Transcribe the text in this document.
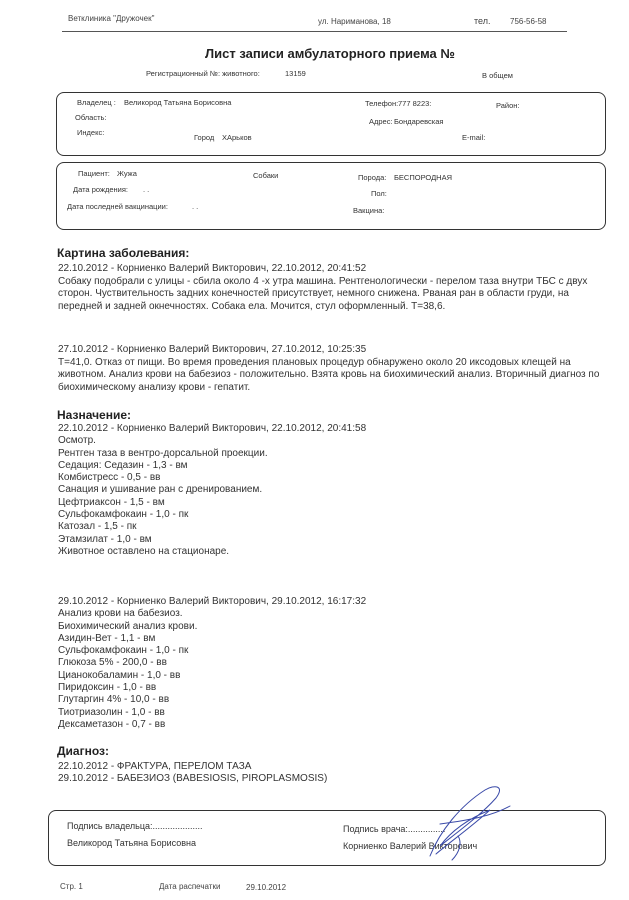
Ветклиника "Дружочек"	ул. Нариманова, 18	тел. 756-56-58
Лист записи амбулаторного приема №
Регистрационный №: животного:	13159	В общем
Владелец : Великород Татьяна Борисовна	Телефон: 777 8223:	Район:
Область:	Адрес: Бондаревская
Индекс:
Город ХАрьков	E-mail:
Пациент: Жужа	Собаки	Порода: БЕСПОРОДНАЯ
Дата рождения: . .	Пол:
Дата последней вакцинации:	. .	Вакцина:
Картина заболевания:
22.10.2012 - Корниенко Валерий Викторович, 22.10.2012, 20:41:52
Собаку подобрали с улицы - сбила около 4 -х утра машина. Рентгенологически - перелом таза внутри ТБС с двух сторон. Чуствительность задних конечностей присутствует, немного снижена. Рваная ран в области груди, на передней и задней окнечностях. Собака ела. Мочится, стул оформленный. Т=38,6.
27.10.2012 - Корниенко Валерий Викторович, 27.10.2012, 10:25:35
Т=41,0. Отказ от пищи. Во время проведения плановых процедур обнаружено около 20 иксодовых клещей на животном. Анализ крови на бабезиоз - положительно. Взята кровь на биохимический анализ. Вторичный диагноз по биохимическому анализу крови - гепатит.
Назначение:
22.10.2012 - Корниенко Валерий Викторович, 22.10.2012, 20:41:58
Осмотр.
Рентген таза в вентро-дорсальной проекции.
Седация: Седазин - 1,3 - вм
Комбистресс - 0,5 - вв
Санация и ушивание ран с дренированием.
Цефтриаксон - 1,5 - вм
Сульфокамфокаин - 1,0 - пк
Катозал - 1,5 - пк
Этамзилат - 1,0 - вм
Животное оставлено на стационаре.
29.10.2012 - Корниенко Валерий Викторович, 29.10.2012, 16:17:32
Анализ крови на бабезиоз.
Биохимический анализ крови.
Азидин-Вет - 1,1 - вм
Сульфокамфокаин - 1,0 - пк
Глюкоза 5% - 200,0 - вв
Цианокобаламин - 1,0 - вв
Пиридоксин - 1,0 - вв
Глутаргин 4% - 10,0 - вв
Тиотриазолин - 1,0 - вв
Дексаметазон - 0,7 - вв
Диагноз:
22.10.2012 - ФРАКТУРА, ПЕРЕЛОМ ТАЗА
29.10.2012 - БАБЕЗИОЗ (BABESIOSIS, PIROPLASMOSIS)
Подпись владельца:....................
Великород Татьяна Борисовна
Подпись врача:...............
Корниенко Валерий Викторович
Стр. 1	Дата распечатки	29.10.2012
